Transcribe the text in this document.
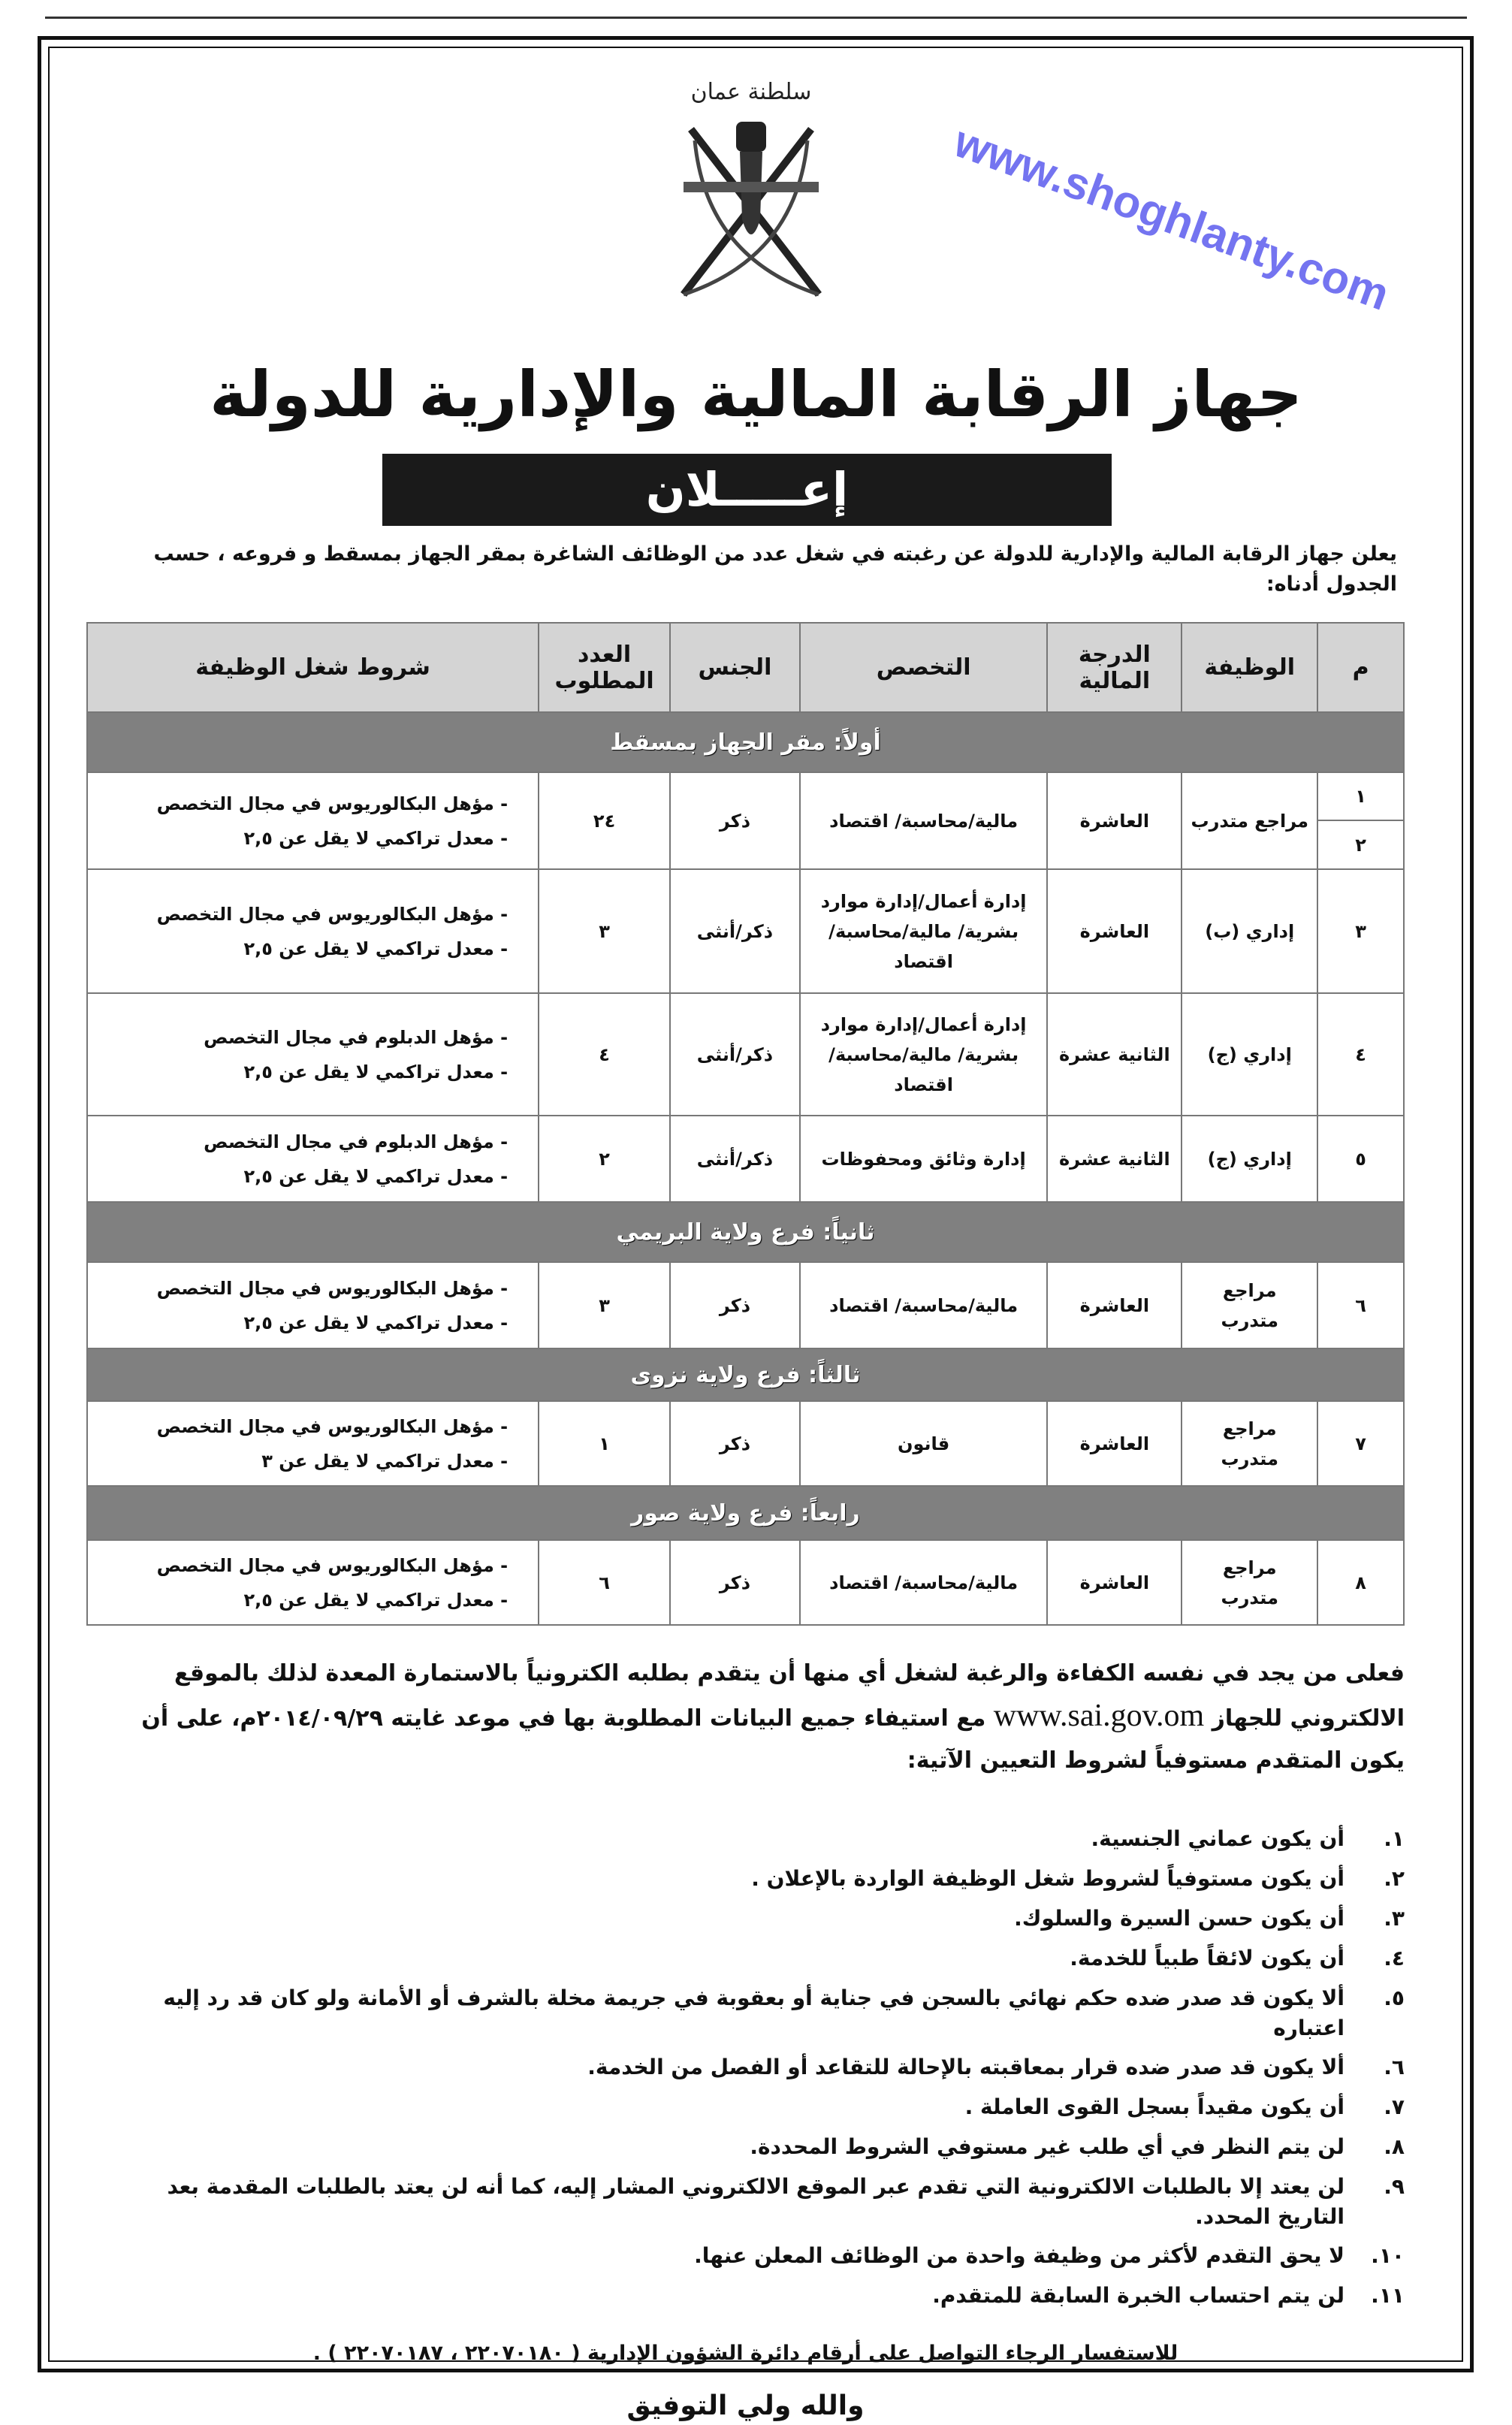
سلطنة عمان
جهاز الرقابة المالية والإدارية للدولة
إعـــــلان
www.shoghlanty.com
يعلن جهاز الرقابة المالية والإدارية للدولة عن رغبته في شغل عدد من الوظائف الشاغرة بمقر الجهاز بمسقط و فروعه ، حسب الجدول أدناه:
م	الوظيفة	الدرجة المالية	التخصص	الجنس	العدد المطلوب	شروط شغل الوظيفة
أولاً: مقر الجهاز بمسقط						
١	مراجع متدرب	العاشرة	مالية/محاسبة/ اقتصاد	ذكر	٢٤	- مؤهل البكالوريوس في مجال التخصص
- معدل تراكمي لا يقل عن ٢,٥

٢						
٣	إداري (ب)	العاشرة	إدارة أعمال/إدارة موارد بشرية/ مالية/محاسبة/ اقتصاد	ذكر/أنثى	٣	- مؤهل البكالوريوس في مجال التخصص
- معدل تراكمي لا يقل عن ٢,٥

٤	إداري (ج)	الثانية عشرة	إدارة أعمال/إدارة موارد بشرية/ مالية/محاسبة/ اقتصاد	ذكر/أنثى	٤	- مؤهل الدبلوم في مجال التخصص
- معدل تراكمي لا يقل عن ٢,٥

٥	إداري (ج)	الثانية عشرة	إدارة وثائق ومحفوظات	ذكر/أنثى	٢	- مؤهل الدبلوم في مجال التخصص
- معدل تراكمي لا يقل عن ٢,٥

ثانياً: فرع ولاية البريمي						
٦	مراجع متدرب	العاشرة	مالية/محاسبة/ اقتصاد	ذكر	٣	- مؤهل البكالوريوس في مجال التخصص
- معدل تراكمي لا يقل عن ٢,٥

ثالثاً: فرع ولاية نزوى						
٧	مراجع متدرب	العاشرة	قانون	ذكر	١	- مؤهل البكالوريوس في مجال التخصص
- معدل تراكمي لا يقل عن ٣

رابعاً: فرع ولاية صور						
٨	مراجع متدرب	العاشرة	مالية/محاسبة/ اقتصاد	ذكر	٦	- مؤهل البكالوريوس في مجال التخصص
- معدل تراكمي لا يقل عن ٢,٥
فعلى من يجد في نفسه الكفاءة والرغبة لشغل أي منها أن يتقدم بطلبه الكترونياً بالاستمارة المعدة لذلك بالموقع الالكتروني للجهاز www.sai.gov.om مع استيفاء جميع البيانات المطلوبة بها في موعد غايته ٢٠١٤/٠٩/٢٩م، على أن يكون المتقدم مستوفياً لشروط التعيين الآتية:
١.
أن يكون عماني الجنسية.
٢.
أن يكون مستوفياً لشروط شغل الوظيفة الواردة بالإعلان .
٣.
أن يكون حسن السيرة والسلوك.
٤.
أن يكون لائقاً طبياً للخدمة.
٥.
ألا يكون قد صدر ضده حكم نهائي بالسجن في جناية أو بعقوبة في جريمة مخلة بالشرف أو الأمانة ولو كان قد رد إليه اعتباره
٦.
ألا يكون قد صدر ضده قرار بمعاقبته بالإحالة للتقاعد أو الفصل من الخدمة.
٧.
أن يكون مقيداً بسجل القوى العاملة .
٨.
لن يتم النظر في أي طلب غير مستوفي الشروط المحددة.
٩.
لن يعتد إلا بالطلبات الالكترونية التي تقدم عبر الموقع الالكتروني المشار إليه، كما أنه لن يعتد بالطلبات المقدمة بعد التاريخ المحدد.
١٠.
لا يحق التقدم لأكثر من وظيفة واحدة من الوظائف المعلن عنها.
١١.
لن يتم احتساب الخبرة السابقة للمتقدم.
للاستفسار الرجاء التواصل على أرقام دائرة الشؤون الإدارية ( ٢٢٠٧٠١٨٠ ، ٢٢٠٧٠١٨٧ ) .
والله ولي التوفيق
